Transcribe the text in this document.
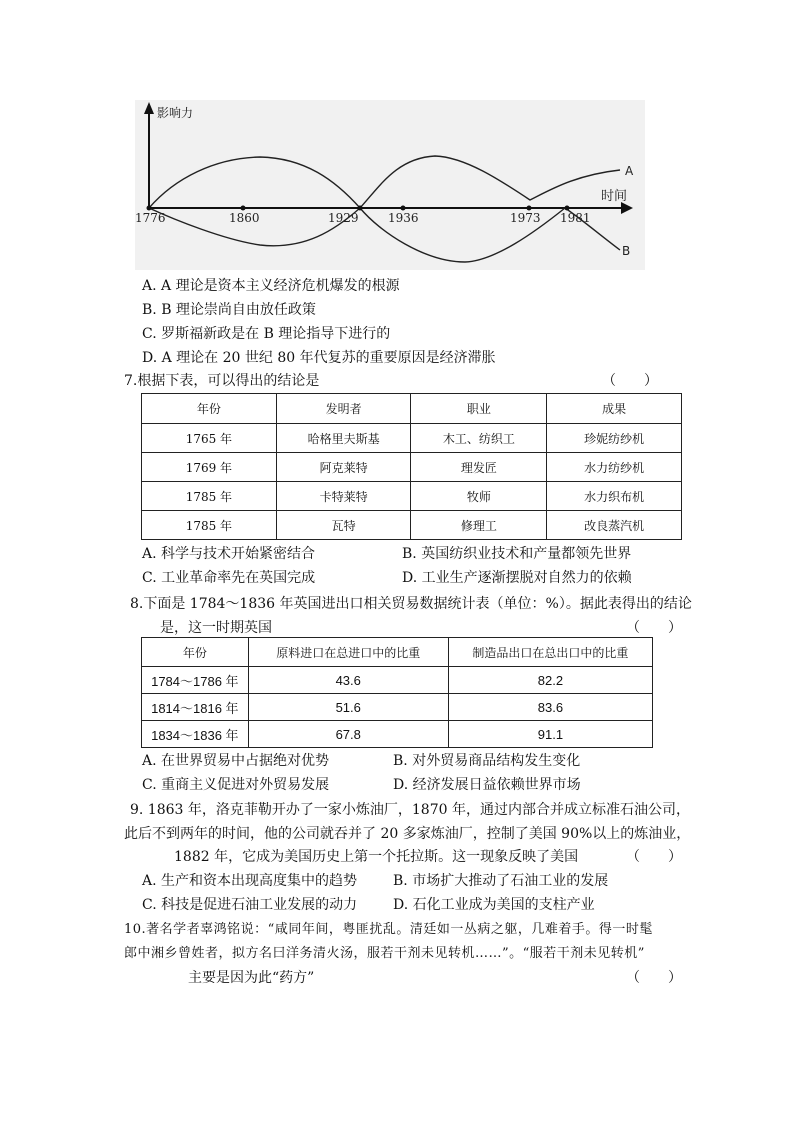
影响力
时间
A
B
1776	1860	1929 1936	1973 1981
A. A 理论是资本主义经济危机爆发的根源
B. B 理论崇尚自由放任政策
C. 罗斯福新政是在 B 理论指导下进行的
D. A 理论在 20 世纪 80 年代复苏的重要原因是经济滞胀
7.根据下表，可以得出的结论是	（　　）
年份	发明者	职业	成果
1765 年	哈格里夫斯基	木工、纺织工	珍妮纺纱机
1769 年	阿克莱特	理发匠	水力纺纱机
1785 年	卡特莱特	牧师	水力织布机
1785 年	瓦特	修理工	改良蒸汽机
A. 科学与技术开始紧密结合	B. 英国纺织业技术和产量都领先世界
C. 工业革命率先在英国完成	D. 工业生产逐渐摆脱对自然力的依赖
8.下面是 1784～1836 年英国进出口相关贸易数据统计表（单位：%）。据此表得出的结论
是，这一时期英国	（　　）
年份	原料进口在总进口中的比重	制造品出口在总出口中的比重
1784～1786 年	43.6	82.2
1814～1816 年	51.6	83.6
1834～1836 年	67.8	91.1
A. 在世界贸易中占据绝对优势	B. 对外贸易商品结构发生变化
C. 重商主义促进对外贸易发展	D. 经济发展日益依赖世界市场
9. 1863 年，洛克菲勒开办了一家小炼油厂，1870 年，通过内部合并成立标准石油公司，
此后不到两年的时间，他的公司就吞并了 20 多家炼油厂，控制了美国 90%以上的炼油业，
1882 年，它成为美国历史上第一个托拉斯。这一现象反映了美国	（　　）
A. 生产和资本出现高度集中的趋势	B. 市场扩大推动了石油工业的发展
C. 科技是促进石油工业发展的动力	D. 石化工业成为美国的支柱产业
10.著名学者辜鸿铭说：“咸同年间，粤匪扰乱。清廷如一丛病之躯，几难着手。得一时髦
郎中湘乡曾姓者，拟方名曰洋务清火汤，服若干剂未见转机……”。“服若干剂未见转机”
主要是因为此“药方”	（　　）
